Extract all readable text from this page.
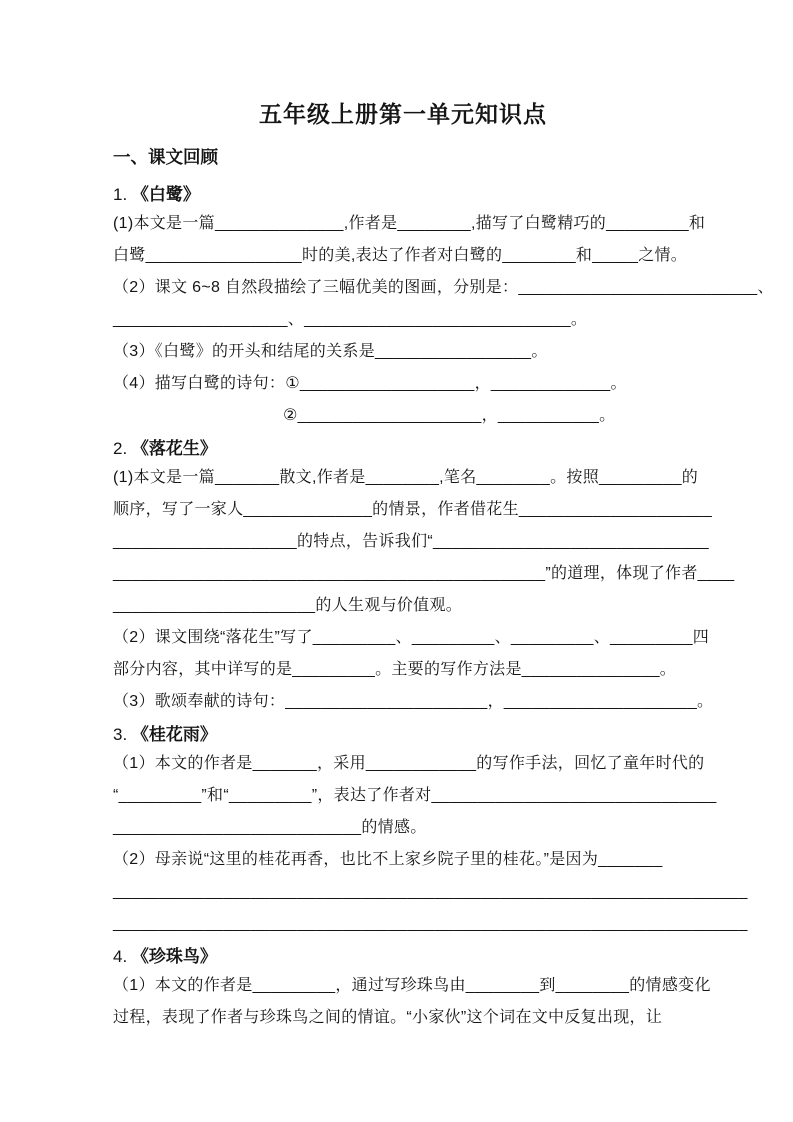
五年级上册第一单元知识点
一、课文回顾
1. 《白鹭》
(1)本文是一篇______________,作者是________,描写了白鹭精巧的_________和
白鹭_________________时的美,表达了作者对白鹭的________和_____之情。
（2）课文 6~8 自然段描绘了三幅优美的图画，分别是：__________________________、
___________________、_____________________________。
（3）《白鹭》的开头和结尾的关系是_________________。
（4）描写白鹭的诗句：①___________________，_____________。
②____________________，___________。
2. 《落花生》
(1)本文是一篇_______散文,作者是________,笔名________。按照_________的
顺序，写了一家人______________的情景，作者借花生_____________________
____________________的特点，告诉我们“______________________________
_______________________________________________”的道理，体现了作者____
______________________的人生观与价值观。
（2）课文围绕“落花生”写了_________、_________、_________、_________四
部分内容，其中详写的是_________。主要的写作方法是_______________。
（3）歌颂奉献的诗句：______________________，_____________________。
3. 《桂花雨》
（1）本文的作者是_______，采用____________的写作手法，回忆了童年时代的
“_________”和“_________”，表达了作者对_______________________________
___________________________的情感。
（2）母亲说“这里的桂花再香，也比不上家乡院子里的桂花。”是因为_______
_____________________________________________________________________
_____________________________________________________________________
4. 《珍珠鸟》
（1）本文的作者是_________，通过写珍珠鸟由________到________的情感变化
过程，表现了作者与珍珠鸟之间的情谊。“小家伙”这个词在文中反复出现，让
